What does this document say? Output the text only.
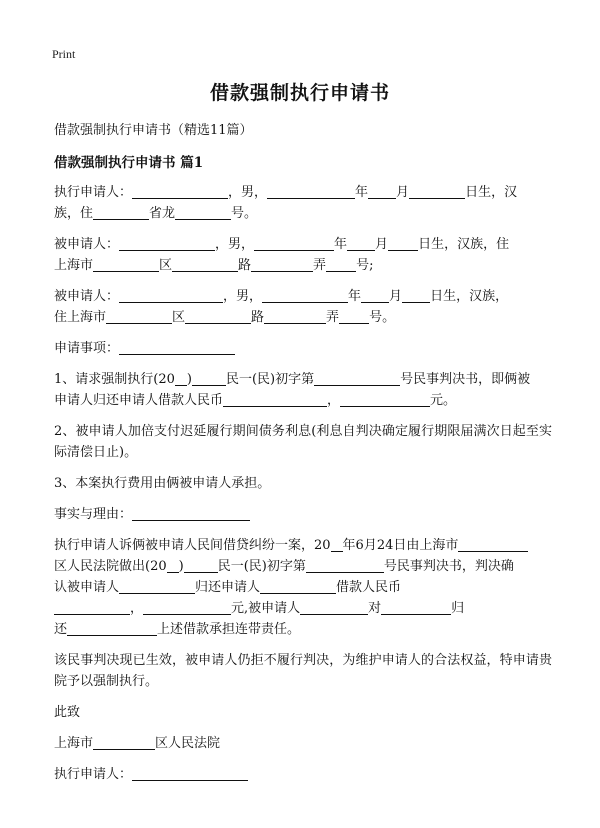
Print
借款强制执行申请书
借款强制执行申请书（精选11篇）
借款强制执行申请书 篇1

执行申请人：	，男，	年 月	日生，汉
族，住	省龙	号。

被申请人：	，男，	年 月 日生，汉族，住
上海市	区	路	弄 号;

被申请人：	，男，	年 月 日生，汉族，
住上海市	区	路	弄 号。

申请事项：

1、请求强制执行(20 )	民一(民)初字第	号民事判决书，即俩被
申请人归还申请人借款人民币	，	元。

2、被申请人加倍支付迟延履行期间债务利息(利息自判决确定履行期限届满次日起至实际清偿日止)。

3、本案执行费用由俩被申请人承担。

事实与理由：

执行申请人诉俩被申请人民间借贷纠纷一案，20 年6月24日由上海市
区人民法院做出(20 )	民一(民)初字第	号民事判决书，判决确
认被申请人	归还申请人	借款人民币
，	元,被申请人	对	归
还	上述借款承担连带责任。

该民事判决现已生效，被申请人仍拒不履行判决，为维护申请人的合法权益，特申请贵院予以强制执行。

此致

上海市	区人民法院

执行申请人：
